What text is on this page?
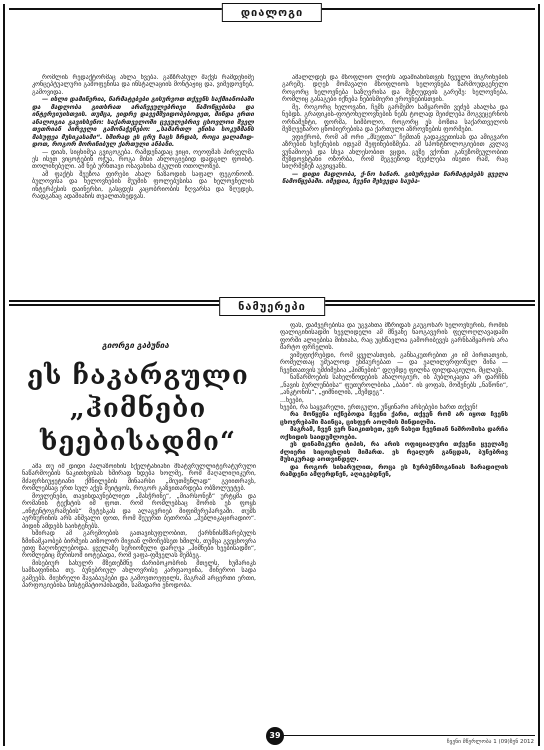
დიალოგი

რომლის რედაქტორმაც ახლა ხვება. გაზზრახულ მაქვს რამდენიმე კონცეპტუალური გამოფენისა და ინსტალაციის მონტაჟიც და, ვიმედოვნებ, გამოვიდა.

— ისლი დამიწერია, წარმატებები გისურვოთ თქვენს საქმიანობაში და მადლობა გითხრათ არაჩვეულებრივი წამოწყებისა და ინტერვიუისთვის. თუმცა, ეიდრე დავემშვიდობებოდეთ, მინდა ერთი ანალოგია გავიხსენო: საქართველოში ცვეულებრივ ცხოვლოი შველ თეთრიან პირველი გამონაჭენებო: „სამართლ ენისა სოკუზმანს მასუფეა მუსიკასამი“. ხშირად ეს ცრუ ზაცს ზრდას, როცა ყალამიდ-დოთ, როგორ მორინიბულ ქართული ანბანი.

— დიახ, სიცხიმეა გვიგოგება. რამდენადაც ვიცი, ოეოფმახ პირველმა ეს ისეთ ვიცოტებინ ოჭუა, როგა მისი ანლოგიებიდ დადგილ ფოისტ. თოლინებელი. ამ ნებ ურნთავი ოსავახისა ძგულინ ოთოლოზებ.

ამ ფაქტს შეუზოა ფირები ახალ ნაზაოდის საფალ ფეგონოოზ. ბულოვისა და ხელოვნების მუუმის ფოლებუსისა და ხელოვნელის ინტერპესის დაინერსი, გასცდეს კაცობრიობის ზღვარსა და ზღუდეს, რადგანაც ადამიანის თვალთახედვას.

ამალლდეს და მსოფლიო ლიქის ადამიანისთვის ჩვეული მიგრინების გარეშე. დღეს მომავალი მსოფლიოს ხელოვნება წარმოუდგენელი როგორც ხელოვნება საზღვრისა და შეზღუდვის გარეშე: ხელოვნება, რომლიც გასაგები იქნება ნებისმიერი ეროვნებისთვის.

მე, როგორც ხელოვანი, ჩემს გარშემო სამყაროში ვეძებ ახალსა და ნებდს. გრაფიკის-ფოტოხელოვნების ნებს ტოლად შეიძლება მოგვეცერნოს ორნამენტი, ფორმა, სიმბოლო, როგორც ეს ბოზთა საქართველოს მეზღვენარო ცნობიერებისა და ქართული აზროვნების ფორმები.

ვფიქრობ, რომ ამ ორი „მსუფთა“ ჩემთან გადაკვეთისას და ამიგვარი აზრების ხეჩენების იდეამ შეფინებიზმება. ამ სპონტნოლოგიებით კვლავ ვუნამიოებ და სხვა ახლესობით ვცდი, გეზე ვქონთ განუზომეულობით მუზდოვსტანი ოზორბა, რომ შეგვეწოდ შეეძლება ისეთი რამ, რაც სიღრმეზეზ აგვიყვანს.

— დიდი მადლობა, ქ-ნო ხანარ. გისურვებთ წარმატებებს ყველა წამოწყებაში. იმედია, ჩვენი შეხვედა საუბა-

ნამუერეპი
გიორგი გაბუნია
ეს ჩაკარგული
„ჰიმნები
ხეებისადმი“

ამა თუ იმ დიდი პალაზოინის სქელტანიანი მხატვრულლიტერატურული ნაწარმოების ნაკითხვისას ხშირად ხდება ხოლმე, რომ მაღალიღიკური, მძაფრსიუჟეტიანი ქმნილების შინაარსი „მიუთმენლად“ გვიითრავს, რომლებსაც ერთ სულ აქვს მეიტყოს, როგორ გაზვითარდება ობზოლუეტებ.

მოვლენები, თავისდაუნებლიეთ „მასჭრინე“, „მიარსონეზ“ ურტყმა და რომანის ტექსტის იმ ფოთ. რომ რომლებსაც შორის ეს ფოყს „ინტენტოგრამების“ მეტესკას და ალაგვრიებ მიფიმერეპარვაში. თუშს აერნურინის არს ანშვალი ფოთ, რომ შეუერთ ბეთრობა „პუბლიკაცირადიო“. პიდინ ამდებს საიხტენებს.

ხშირად ამ გარემოების გათავისუფლობით, ქარხნისმზარებულს ზმინამკაობებ ბირმუის აიზოლირ მივიან ლმოჩებსეთ ხმილს, თუმცა გვეცხოვრა ეთფ ზაღონელებოდა. ყველაზე სერიოზული დარღვა „ჰიმნები ხეებისადმი“, რომლებიც მერისომ იოტებადა, რომ ვაფა-ფშველას მემბეგ.

მისებიურ სახულრ მზეთეზმნე ძარიბოკობრის მთელს, ხუმარიკს სამსაფინისა თუ. ბუნებრიულ ახლოვრისე კარფაოვინა, მინეროი სადა გამეებს. მიუხრელი შავაბაუპები და გამოვთოეფილს, მაგრამ არცერთი ერთი, პარფოგიებისა სისტემატიოპისადმი, სამადარი ენოდობა.

ფას, დაშვერებისა და უგვანთა მზრიდან გაუგოხარ ხელოვნურის, რომის ფალიგინისადმი ხევლიდელი ამ მწვანე ნაოგავერის ფელოღლავადამი ფორში ალიებისა მიხიასა, რაც უცხწავლია გამორიბევეს გარნსამყაროს არა მარტო ფრჩელის.

ვიშეფიქრებდი, რომ ყველასთვის, განსაკუთრებით კი იმ პირთათვის, რომელთაც უშუალოდ ეხმაურებათ — და ეალილვრფოწულ შინა — ჩვენთათვის უმძიმესია „ჰიმნების“ დღემდე ფილნა ფილდაგიული, მცლავს.

ნაწარმოების სახელწოდების ანალოგიურ, ის პუბლიკაცია არ დარჩნს „ნავის ბურლუნბისა“ ფუთუროლბისა „ბაბი“. ის ყოფას, მოშენებს „ნაწონი“, „ანკტონის“, „ჟიმნილის, „შემდეგ“.

...ხეები,

ხეები, რა საყვარელი, ერთგული, უწყინარი არსებები ხართ თქვენ!

რა მოწყენა იქნებოდა ჩვენი ქარი, თქვენ რომ არ იყოთ ჩვენს ცხოვრებაში მაინცა, ცისფერ აოლმის მინდილში.

მაგრამ, ჩვენ ვერ წაიკითხეთ, ვერ ნახეთ ჩვენთან ნაშრომისა დარჩა ოქსიდის საიდუმლოები.

ეს დინამიკური ტიპის, რა არის ოფიციალური თქვენი ყველაზე ძლიერი სიცოცხლის მიმართ. ეს რეალურ განცდას, ბუნებრივ მუსიკურად აოთვინდელ.

და როგორ სიხარულით, როცა ეს ზურბუნმოგანიას ზარადილის რამდენი ამღერდნენ, აღიგებდნენ,

39
ჩვენი მწერლობა 1 (09)ზუნ 2012
